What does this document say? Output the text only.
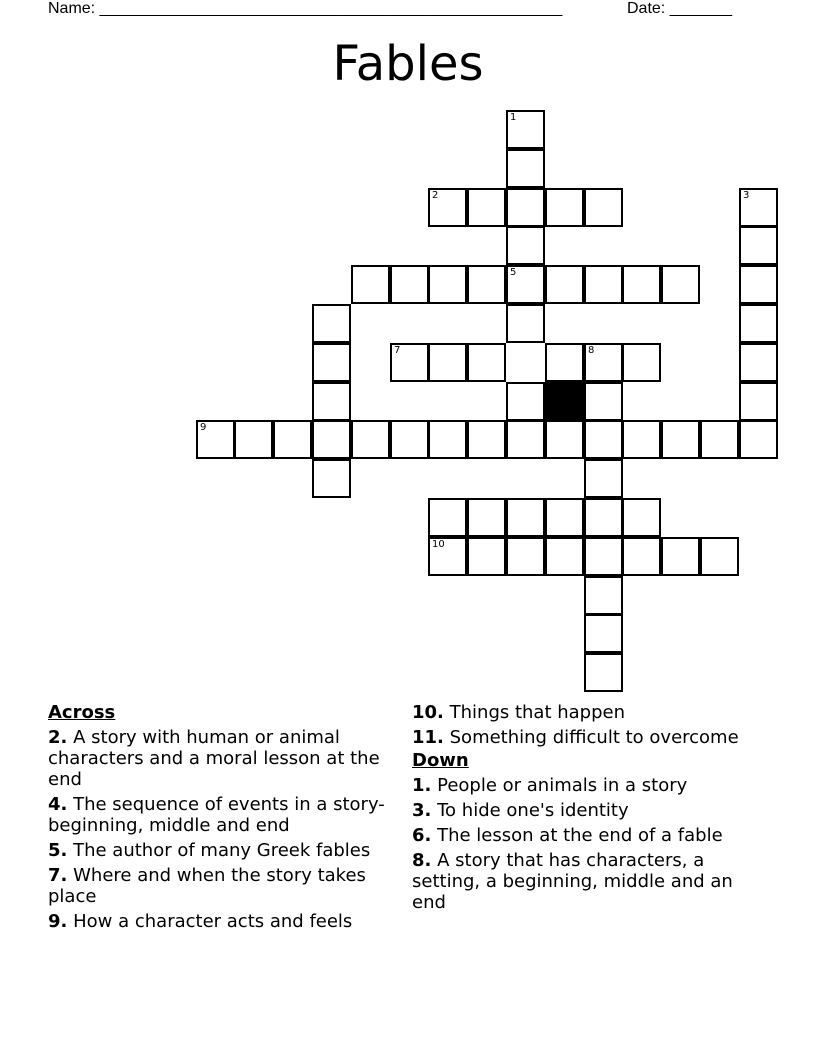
Name: ____________________________________________________	Date: _______
Fables
1
5
2	3
7	8
9
10

Across

2. A story with human or animal characters and a moral lesson at the end

4. The sequence of events in a story-beginning, middle and end

5. The author of many Greek fables

7. Where and when the story takes place

9. How a character acts and feels

10. Things that happen

11. Something difficult to overcome

Down

1. People or animals in a story

3. To hide one's identity

6. The lesson at the end of a fable

8. A story that has characters, a setting, a beginning, middle and an end
